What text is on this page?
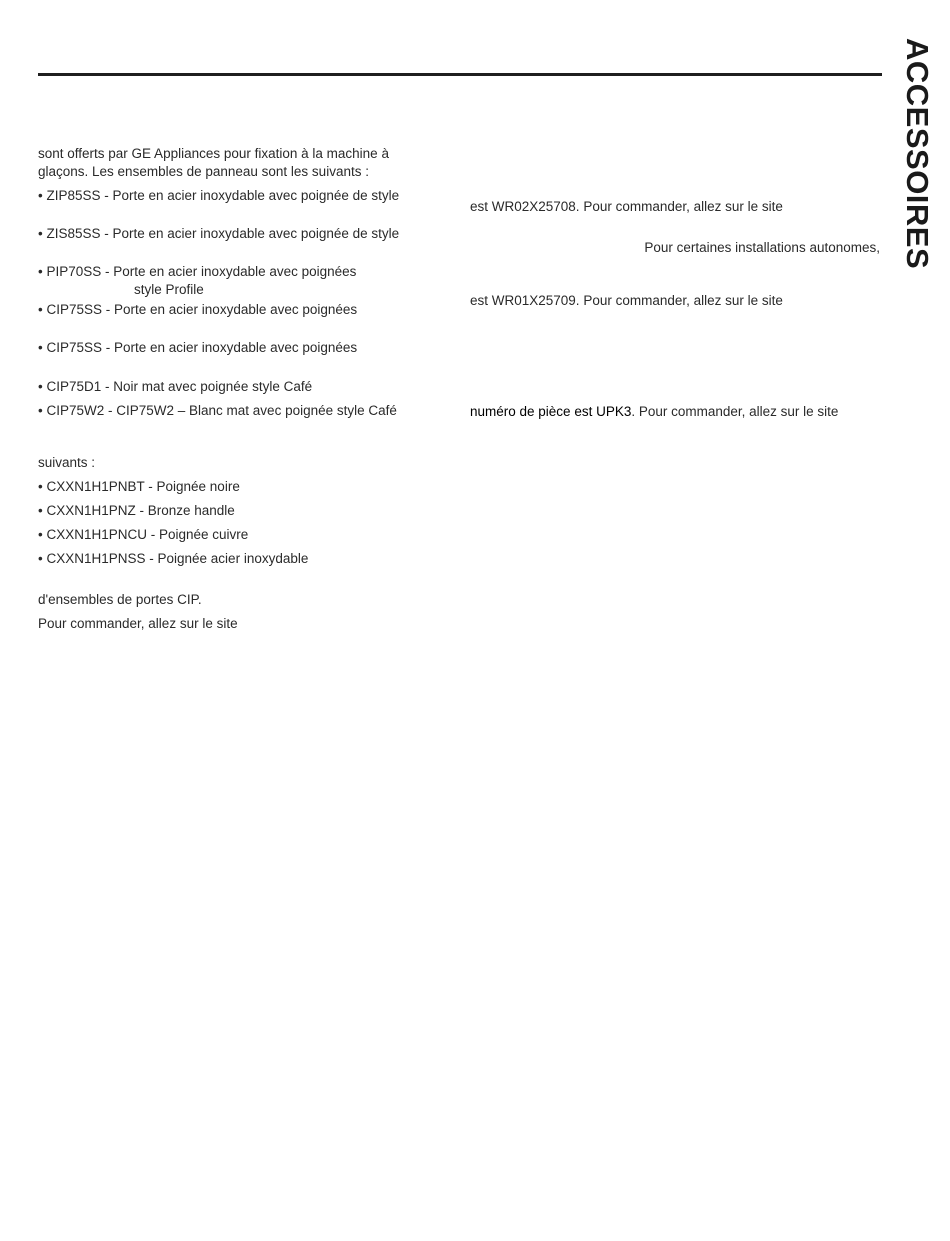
ACCESSOIRES
sont offerts par GE Appliances pour fixation à la machine à
glaçons. Les ensembles de panneau sont les suivants :
• ZIP85SS - Porte en acier inoxydable avec poignée de style
• ZIS85SS - Porte en acier inoxydable avec poignée de style
• PIP70SS - Porte en acier inoxydable avec poignées
style Profile
• CIP75SS - Porte en acier inoxydable avec poignées
• CIP75SS - Porte en acier inoxydable avec poignées
• CIP75D1 - Noir mat avec poignée style Café
• CIP75W2 - CIP75W2 – Blanc mat avec poignée style Café
suivants :
• CXXN1H1PNBT - Poignée noire
• CXXN1H1PNZ - Bronze handle
• CXXN1H1PNCU - Poignée cuivre
• CXXN1H1PNSS - Poignée acier inoxydable
d'ensembles de portes CIP.
Pour commander, allez sur le site
est WR02X25708. Pour commander, allez sur le site
Pour certaines installations autonomes,
est WR01X25709. Pour commander, allez sur le site
numéro de pièce est UPK3. Pour commander, allez sur le site
